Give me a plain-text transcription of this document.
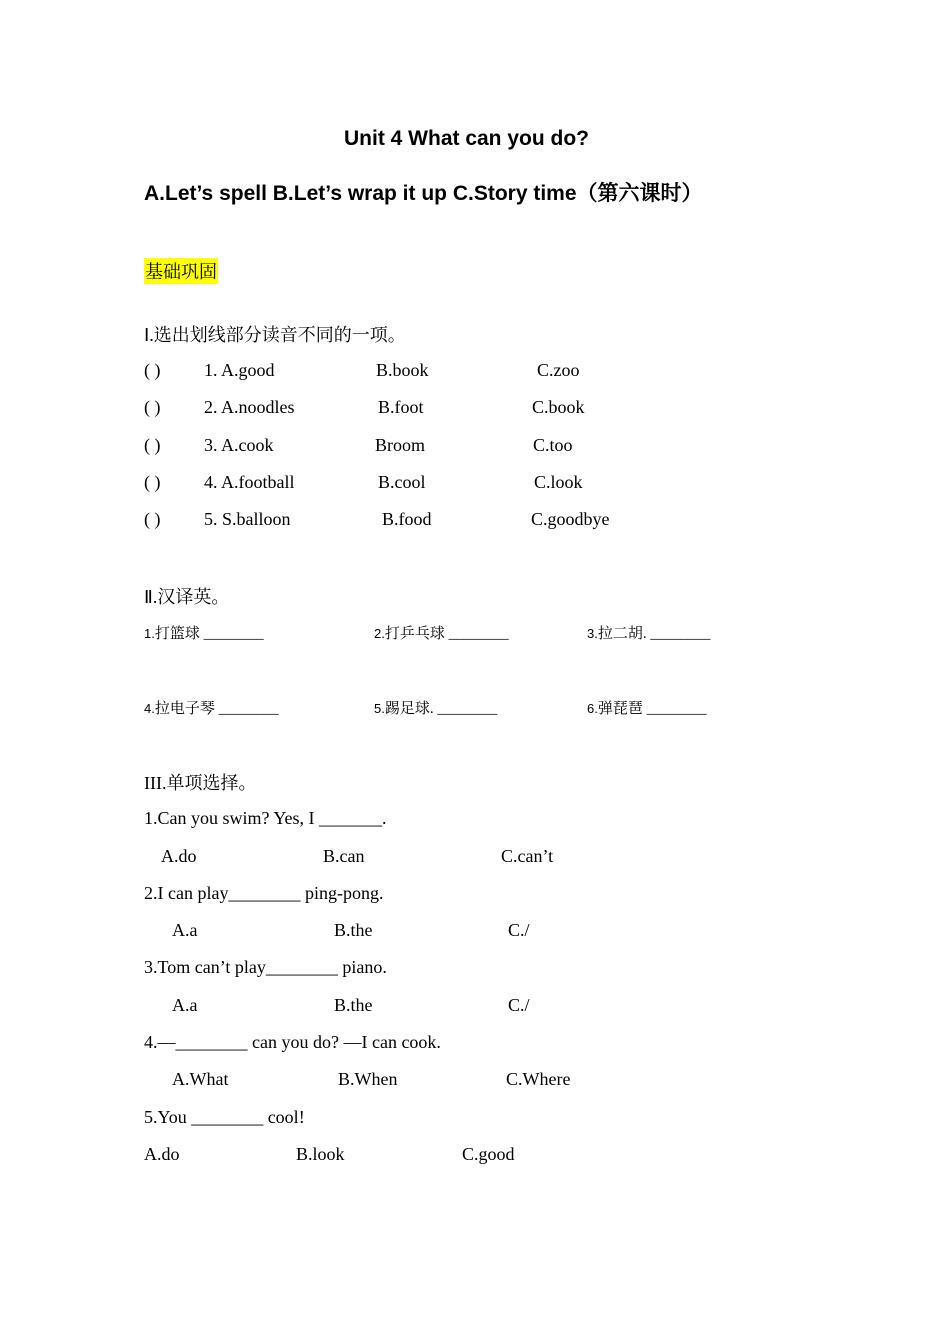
Unit 4 What can you do?
A.Let’s spell B.Let’s wrap it up C.Story time（第六课时）
基础巩固
Ⅰ.选出划线部分读音不同的一项。
( ) 1. A.good	B.book	C.zoo
( ) 2. A.noodles	B.foot	C.book
( ) 3. A.cook	Broom	C.too
( ) 4. A.football	B.cool	C.look
( ) 5. S.balloon	B.food	C.goodbye
Ⅱ.汉译英。
1.打篮球 ________	2.打乒乓球 ________	3.拉二胡. ________
4.拉电子琴 ________	5.踢足球. ________	6.弹琵琶 ________
III.单项选择。
1.Can you swim? Yes, I _______.
A.do	B.can	C.can’t
2.I can play________ ping-pong.
A.a	B.the	C./
3.Tom can’t play________ piano.
A.a	B.the	C./
4.—________ can you do? —I can cook.
A.What	B.When	C.Where
5.You ________ cool!
A.do	B.look	C.good
